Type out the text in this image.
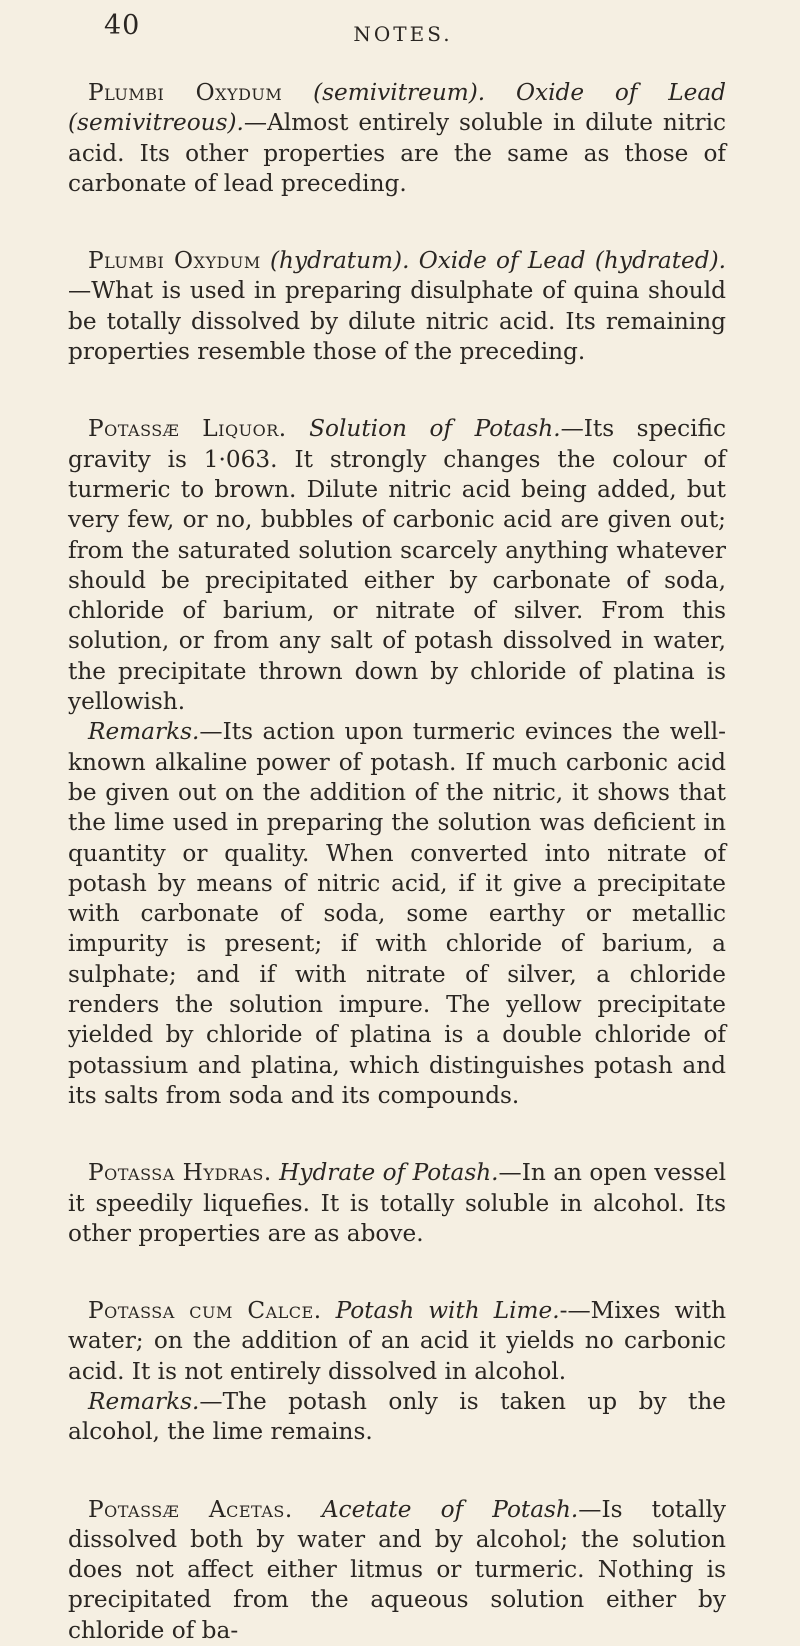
40	NOTES.

Plumbi Oxydum (semivitreum). Oxide of Lead (semivitreous).—Almost entirely soluble in dilute nitric acid. Its other properties are the same as those of carbonate of lead preceding.

Plumbi Oxydum (hydratum). Oxide of Lead (hydrated).—What is used in preparing disulphate of quina should be totally dissolved by dilute nitric acid. Its remaining properties resemble those of the preceding.

Potassæ Liquor. Solution of Potash.—Its specific gravity is 1·063. It strongly changes the colour of turmeric to brown. Dilute nitric acid being added, but very few, or no, bubbles of carbonic acid are given out; from the saturated solution scarcely anything whatever should be precipitated either by carbonate of soda, chloride of barium, or nitrate of silver. From this solution, or from any salt of potash dissolved in water, the precipitate thrown down by chloride of platina is yellowish.

Remarks.—Its action upon turmeric evinces the well-known alkaline power of potash. If much carbonic acid be given out on the addition of the nitric, it shows that the lime used in preparing the solution was deficient in quantity or quality. When converted into nitrate of potash by means of nitric acid, if it give a precipitate with carbonate of soda, some earthy or metallic impurity is present; if with chloride of barium, a sulphate; and if with nitrate of silver, a chloride renders the solution impure. The yellow precipitate yielded by chloride of platina is a double chloride of potassium and platina, which distinguishes potash and its salts from soda and its compounds.

Potassa Hydras. Hydrate of Potash.—In an open vessel it speedily liquefies. It is totally soluble in alcohol. Its other properties are as above.

Potassa cum Calce. Potash with Lime.-—Mixes with water; on the addition of an acid it yields no carbonic acid. It is not entirely dissolved in alcohol.

Remarks.—The potash only is taken up by the alcohol, the lime remains.

Potassæ Acetas. Acetate of Potash.—Is totally dissolved both by water and by alcohol; the solution does not affect either litmus or turmeric. Nothing is precipitated from the aqueous solution either by chloride of ba-
